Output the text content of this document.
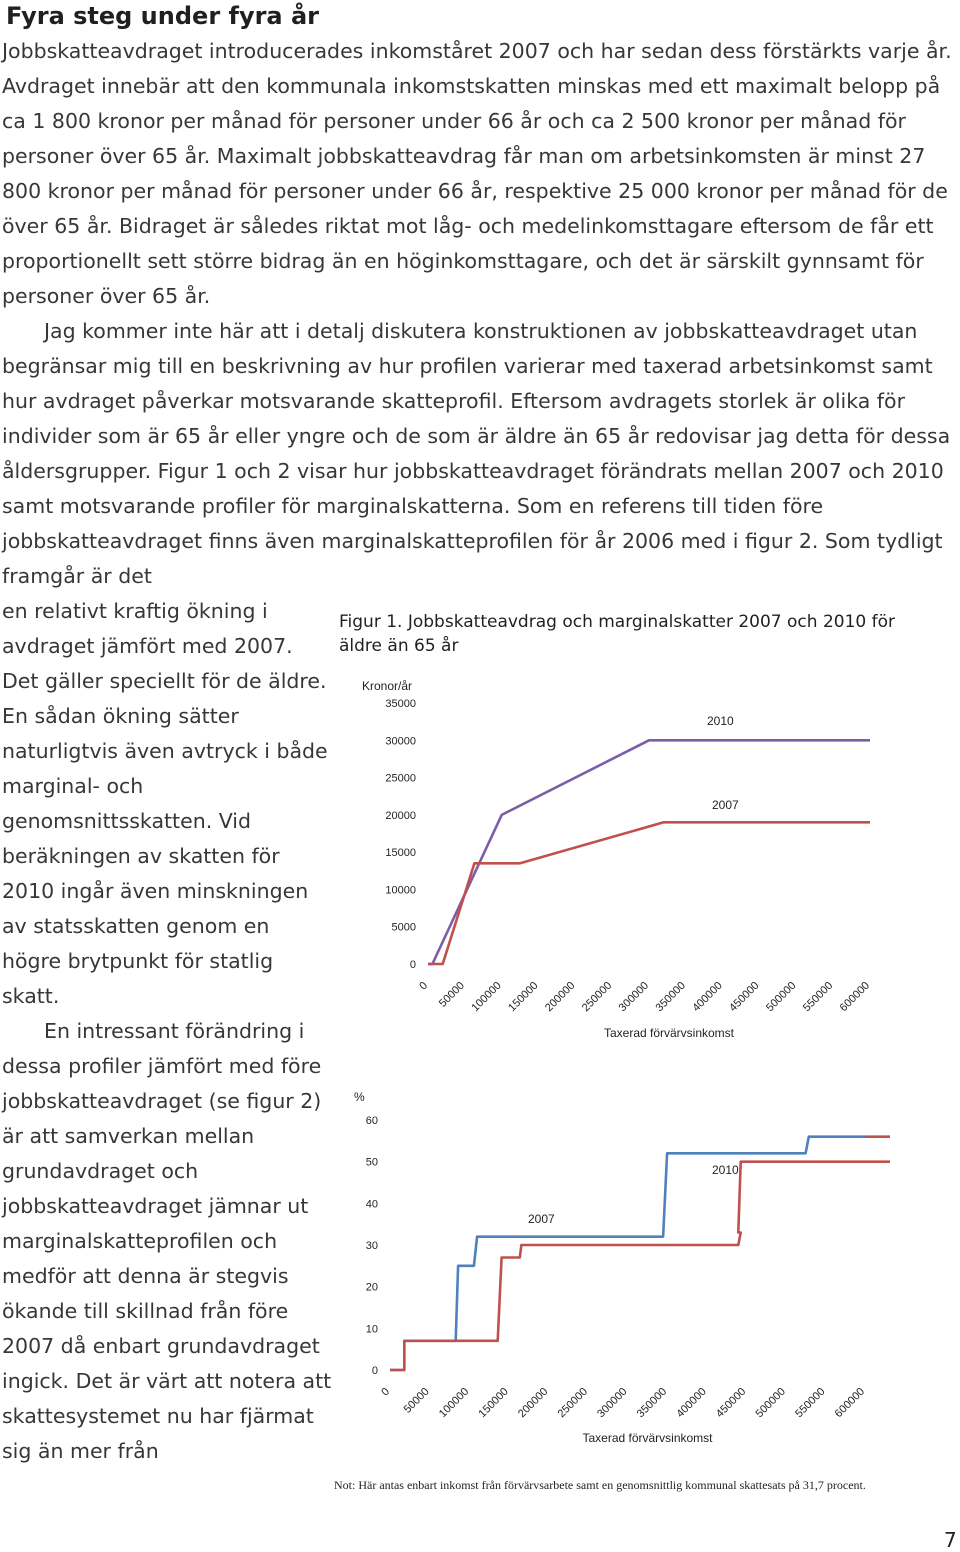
Fyra steg under fyra år

Jobbskatteavdraget introducerades inkomståret 2007 och har sedan dess förstärkts varje år. Avdraget innebär att den kommunala inkomstskatten minskas med ett maximalt belopp på ca 1 800 kronor per månad för personer under 66 år och ca 2 500 kronor per månad för personer över 65 år. Maximalt jobbskatteavdrag får man om arbetsinkomsten är minst 27 800 kronor per månad för personer under 66 år, respektive 25 000 kronor per månad för de över 65 år. Bidraget är således riktat mot låg- och medelinkomsttagare eftersom de får ett proportionellt sett större bidrag än en höginkomsttagare, och det är särskilt gynnsamt för personer över 65 år.

Jag kommer inte här att i detalj diskutera konstruktionen av jobbskatteavdraget utan begränsar mig till en beskrivning av hur profilen varierar med taxerad arbetsinkomst samt hur avdraget påverkar motsvarande skatteprofil. Eftersom avdragets storlek är olika för individer som är 65 år eller yngre och de som är äldre än 65 år redovisar jag detta för dessa åldersgrupper. Figur 1 och 2 visar hur jobbskatteavdraget förändrats mellan 2007 och 2010 samt motsvarande profiler för marginalskatterna. Som en referens till tiden före jobbskatteavdraget finns även marginalskatteprofilen för år 2006 med i figur 2. Som tydligt framgår är det

en relativt kraftig ökning i avdraget jämfört med 2007. Det gäller speciellt för de äldre. En sådan ökning sätter naturligtvis även avtryck i både marginal- och genomsnittsskatten. Vid beräkningen av skatten för 2010 ingår även minskningen av statsskatten genom en högre brytpunkt för statlig skatt.

En intressant förändring i dessa profiler jämfört med före jobbskatteavdraget (se figur 2) är att samverkan mellan grundavdraget och jobbskatteavdraget jämnar ut marginalskatteprofilen och medför att denna är stegvis ökande till skillnad från före 2007 då enbart grundavdraget ingick. Det är värt att notera att skattesystemet nu har fjärmat sig än mer från

Figur 1. Jobbskatteavdrag och marginalskatter 2007 och 2010 för äldre än 65 år
Kronor/år
0
5000
10000
15000
20000
25000
30000
35000
0 50000 100000 150000 200000 250000 300000 350000 400000 450000 500000 550000 600000
Taxerad förvärvsinkomst
2010
2007
%
0
10
20
30
40
50
60
0 50000 100000 150000 200000 250000 300000 350000 400000 450000 500000 550000 600000
Taxerad förvärvsinkomst
2010
2007
Not: Här antas enbart inkomst från förvärvsarbete samt en genomsnittlig kommunal skattesats på 31,7 procent.
7
